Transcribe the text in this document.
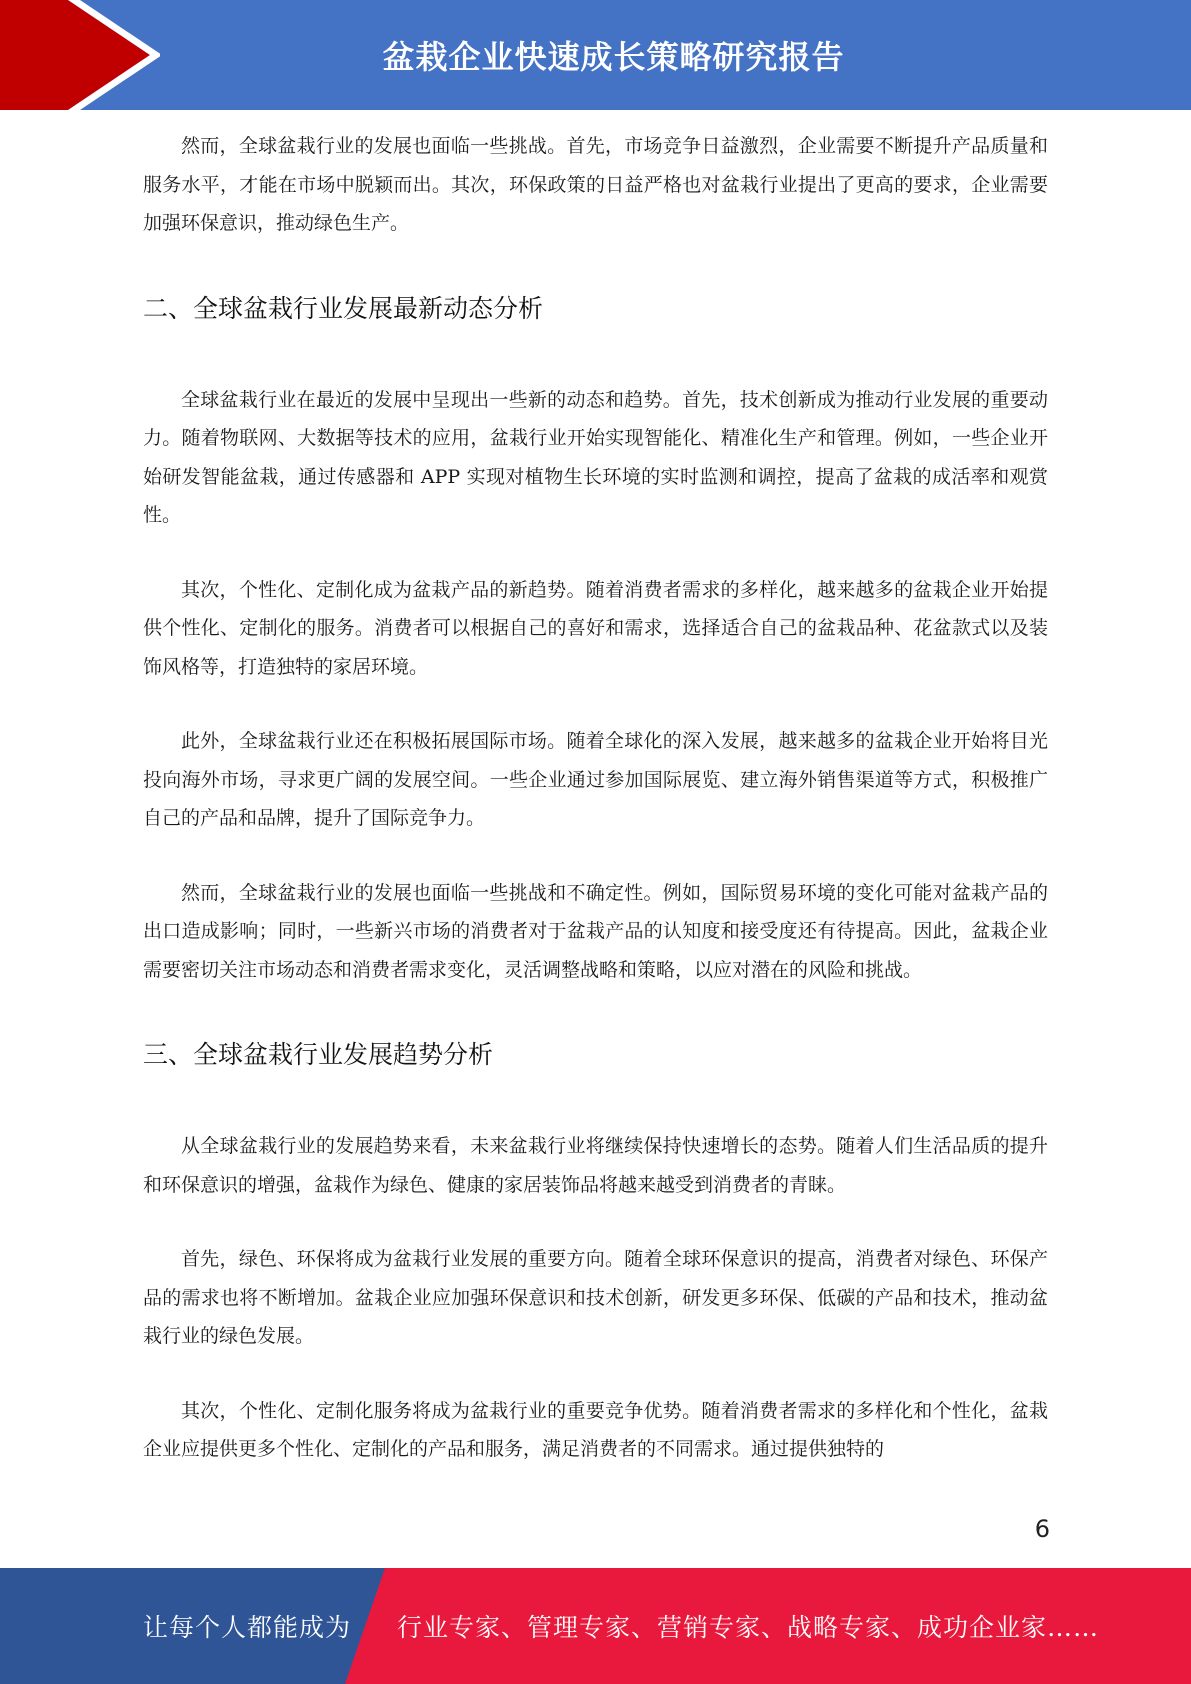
盆栽企业快速成长策略研究报告

然而，全球盆栽行业的发展也面临一些挑战。首先，市场竞争日益激烈，企业需要不断提升产品质量和服务水平，才能在市场中脱颖而出。其次，环保政策的日益严格也对盆栽行业提出了更高的要求，企业需要加强环保意识，推动绿色生产。

二、全球盆栽行业发展最新动态分析

全球盆栽行业在最近的发展中呈现出一些新的动态和趋势。首先，技术创新成为推动行业发展的重要动力。随着物联网、大数据等技术的应用，盆栽行业开始实现智能化、精准化生产和管理。例如，一些企业开始研发智能盆栽，通过传感器和 APP 实现对植物生长环境的实时监测和调控，提高了盆栽的成活率和观赏性。

其次，个性化、定制化成为盆栽产品的新趋势。随着消费者需求的多样化，越来越多的盆栽企业开始提供个性化、定制化的服务。消费者可以根据自己的喜好和需求，选择适合自己的盆栽品种、花盆款式以及装饰风格等，打造独特的家居环境。

此外，全球盆栽行业还在积极拓展国际市场。随着全球化的深入发展，越来越多的盆栽企业开始将目光投向海外市场，寻求更广阔的发展空间。一些企业通过参加国际展览、建立海外销售渠道等方式，积极推广自己的产品和品牌，提升了国际竞争力。

然而，全球盆栽行业的发展也面临一些挑战和不确定性。例如，国际贸易环境的变化可能对盆栽产品的出口造成影响；同时，一些新兴市场的消费者对于盆栽产品的认知度和接受度还有待提高。因此，盆栽企业需要密切关注市场动态和消费者需求变化，灵活调整战略和策略，以应对潜在的风险和挑战。

三、全球盆栽行业发展趋势分析

从全球盆栽行业的发展趋势来看，未来盆栽行业将继续保持快速增长的态势。随着人们生活品质的提升和环保意识的增强，盆栽作为绿色、健康的家居装饰品将越来越受到消费者的青睐。

首先，绿色、环保将成为盆栽行业发展的重要方向。随着全球环保意识的提高，消费者对绿色、环保产品的需求也将不断增加。盆栽企业应加强环保意识和技术创新，研发更多环保、低碳的产品和技术，推动盆栽行业的绿色发展。

其次，个性化、定制化服务将成为盆栽行业的重要竞争优势。随着消费者需求的多样化和个性化，盆栽企业应提供更多个性化、定制化的产品和服务，满足消费者的不同需求。通过提供独特的

6
让每个人都能成为 行业专家、管理专家、营销专家、战略专家、成功企业家……
